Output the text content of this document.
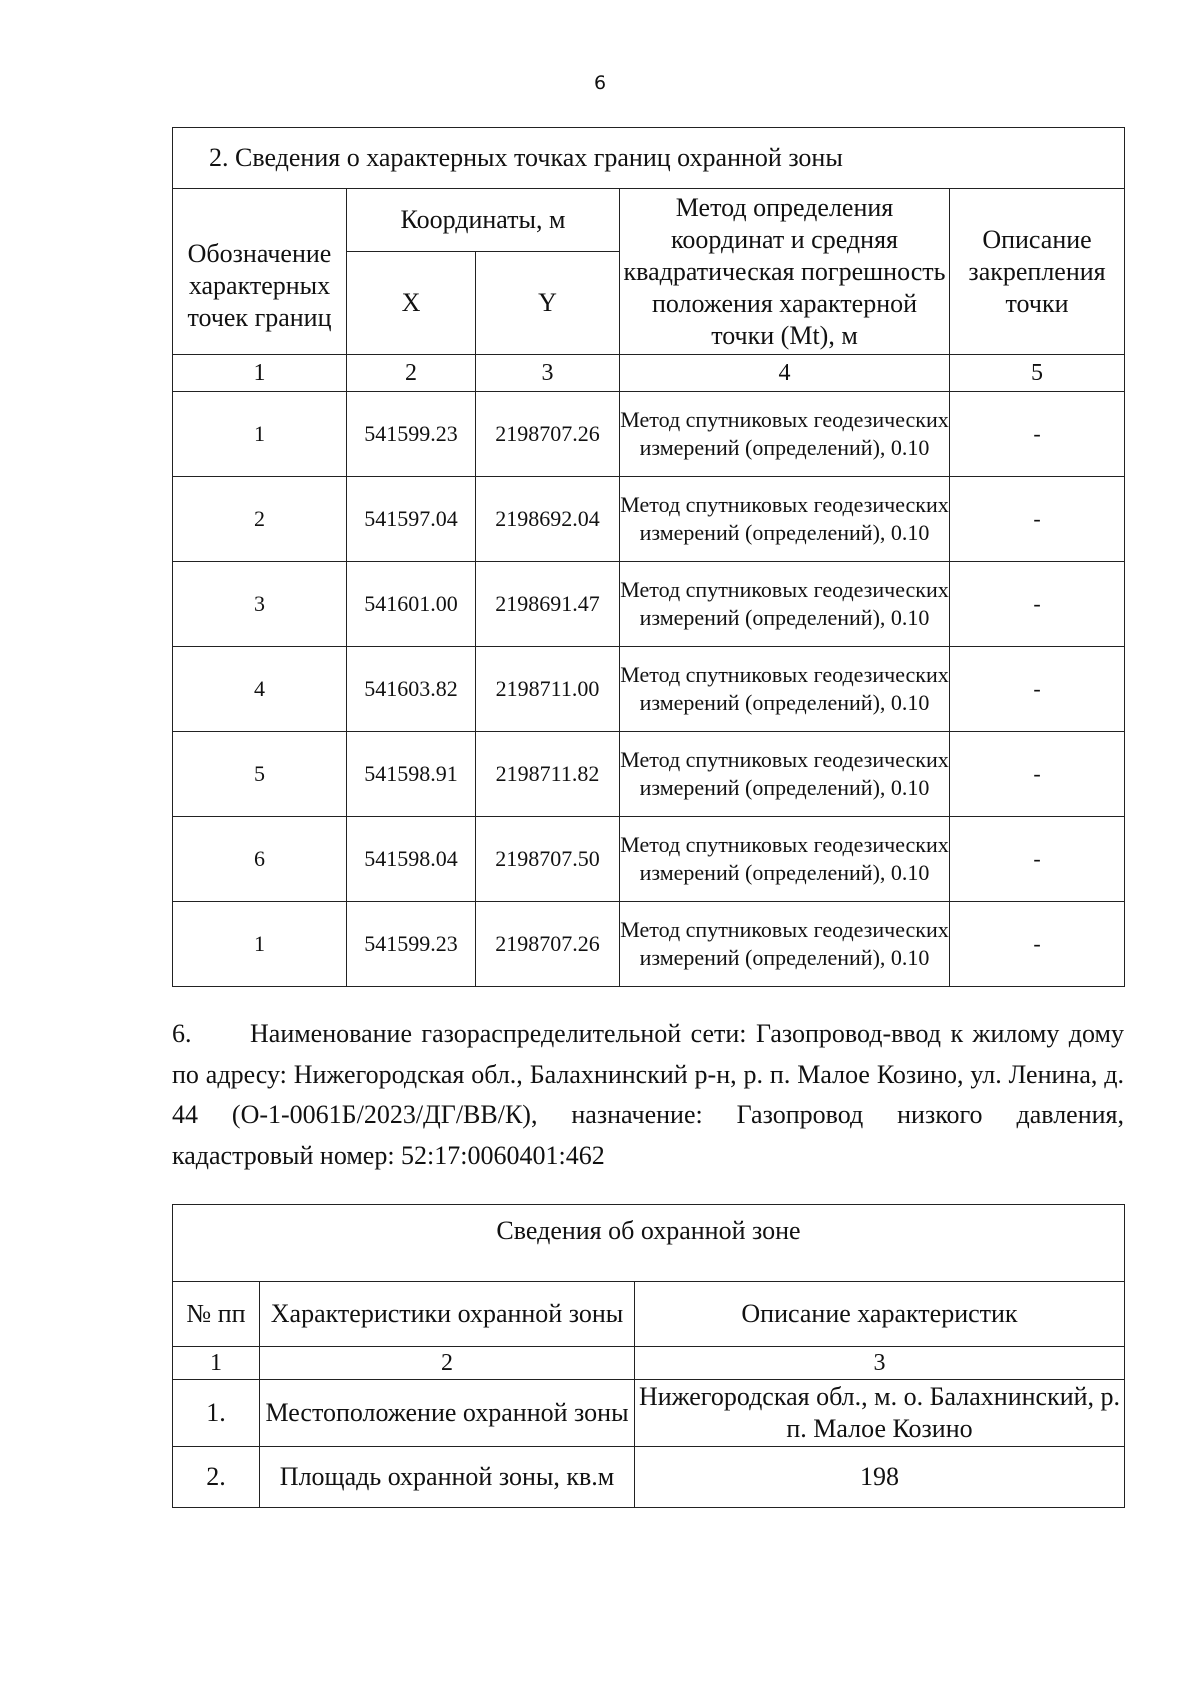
6
2. Сведения о характерных точках границ охранной зоны				
Обозначение характерных точек границ	Координаты, м		Метод определения координат и средняя квадратическая погрешность положения характерной точки (Mt), м	Описание закрепления точки
	X	Y		
1	2	3	4	5
1	541599.23	2198707.26	Метод спутниковых геодезических измерений (определений), 0.10	-
2	541597.04	2198692.04	Метод спутниковых геодезических измерений (определений), 0.10	-
3	541601.00	2198691.47	Метод спутниковых геодезических измерений (определений), 0.10	-
4	541603.82	2198711.00	Метод спутниковых геодезических измерений (определений), 0.10	-
5	541598.91	2198711.82	Метод спутниковых геодезических измерений (определений), 0.10	-
6	541598.04	2198707.50	Метод спутниковых геодезических измерений (определений), 0.10	-
1	541599.23	2198707.26	Метод спутниковых геодезических измерений (определений), 0.10	-
6. Наименование газораспределительной сети: Газопровод-ввод к жилому дому по адресу: Нижегородская обл., Балахнинский р-н, р. п. Малое Козино, ул. Ленина, д. 44 (О-1-0061Б/2023/ДГ/ВВ/К), назначение: Газопровод низкого давления, кадастровый номер: 52:17:0060401:462
Сведения об охранной зоне		
№ пп	Характеристики охранной зоны	Описание характеристик
1	2	3
1.	Местоположение охранной зоны	Нижегородская обл., м. о. Балахнинский, р. п. Малое Козино
2.	Площадь охранной зоны, кв.м	198
